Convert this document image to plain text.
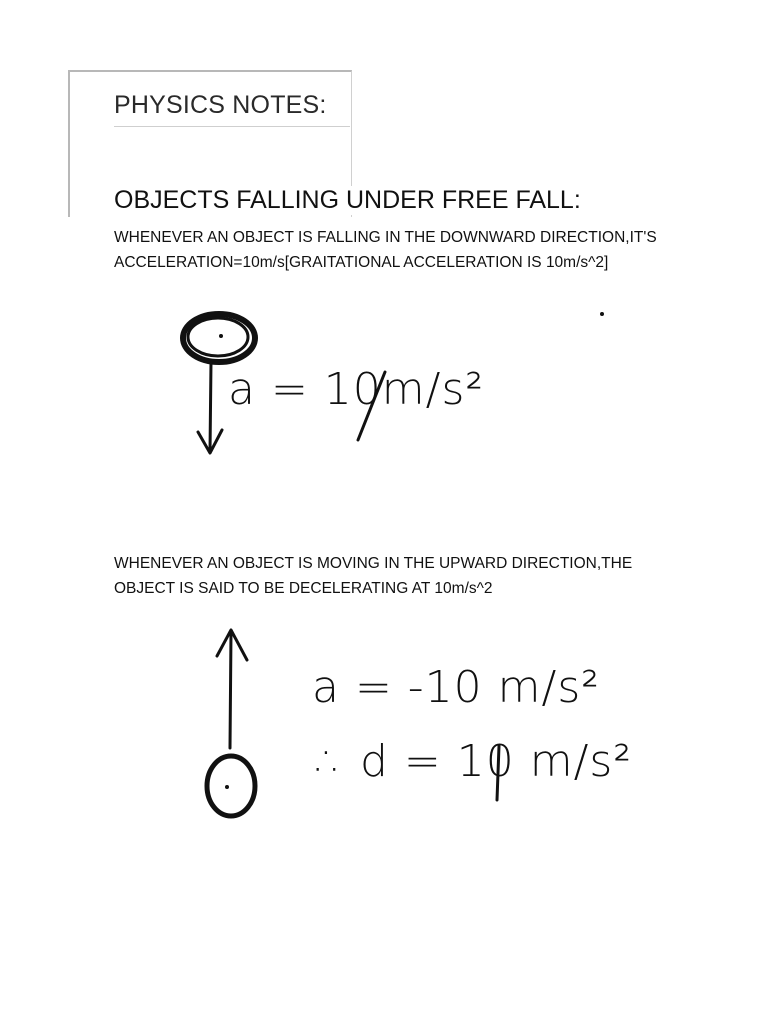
PHYSICS NOTES:
OBJECTS FALLING UNDER FREE FALL:
WHENEVER AN OBJECT IS FALLING IN THE DOWNWARD DIRECTION,IT'S
ACCELERATION=10m/s[GRAITATIONAL ACCELERATION IS 10m/s^2]
a = 10m/s²
WHENEVER AN OBJECT IS MOVING IN THE UPWARD DIRECTION,THE
OBJECT IS SAID TO BE DECELERATING AT 10m/s^2
a = -10 m/s²
∴ d = 10 m/s²
